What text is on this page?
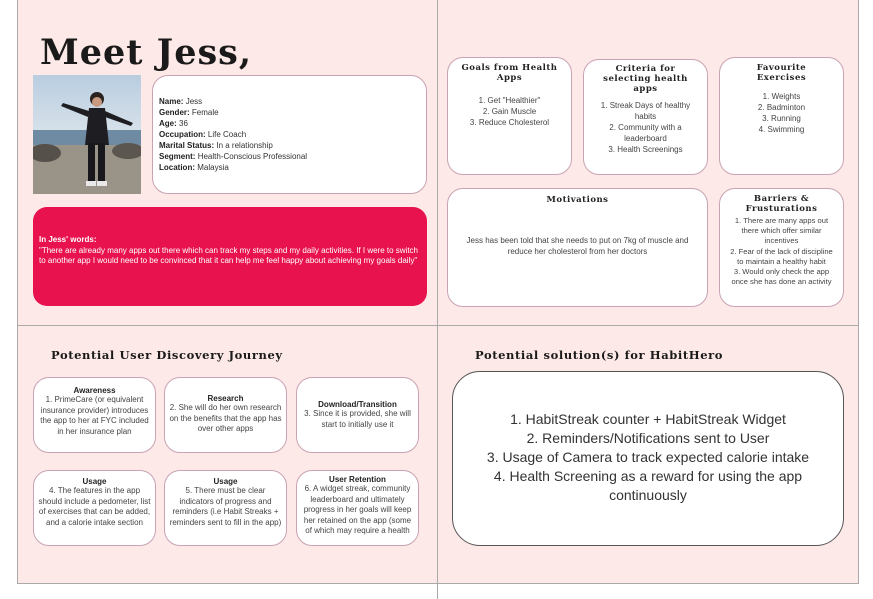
Meet Jess,
Name: Jess
Gender: Female
Age: 36
Occupation: Life Coach
Marital Status: In a relationship
Segment: Health-Conscious Professional
Location: Malaysia
In Jess' words:
"There are already many apps out there which can track my steps and my daily activities. If I were to switch to another app I would need to be convinced that it can help me feel happy about achieving my goals daily"
Goals from Health Apps
1. Get "Healthier"
2. Gain Muscle
3. Reduce Cholesterol
Criteria for selecting health apps
1. Streak Days of healthy habits
2. Community with a leaderboard
3. Health Screenings
Favourite Exercises
1. Weights
2. Badminton
3. Running
4. Swimming
Motivations
Jess has been told that she needs to put on 7kg of muscle and reduce her cholesterol from her doctors
Barriers & Frusturations
1. There are many apps out there which offer similar incentives
2. Fear of the lack of discipline to maintain a healthy habit
3. Would only check the app once she has done an activity
Potential User Discovery Journey
Awareness
1. PrimeCare (or equivalent insurance provider) introduces the app to her at FYC included in her insurance plan
Research
2. She will do her own research on the benefits that the app has over other apps
Download/Transition
3. Since it is provided, she will start to initially use it
Usage
4. The features in the app should include a pedometer, list of exercises that can be added, and a calorie intake section
Usage
5. There must be clear indicators of progress and reminders (i.e Habit Streaks + reminders sent to fill in the app)
User Retention
6. A widget streak, community leaderboard and ultimately progress in her goals will keep her retained on the app (some of which may require a health
Potential solution(s) for HabitHero
1. HabitStreak counter + HabitStreak Widget
2. Reminders/Notifications sent to User
3. Usage of Camera to track expected calorie intake
4. Health Screening as a reward for using the app continuously
